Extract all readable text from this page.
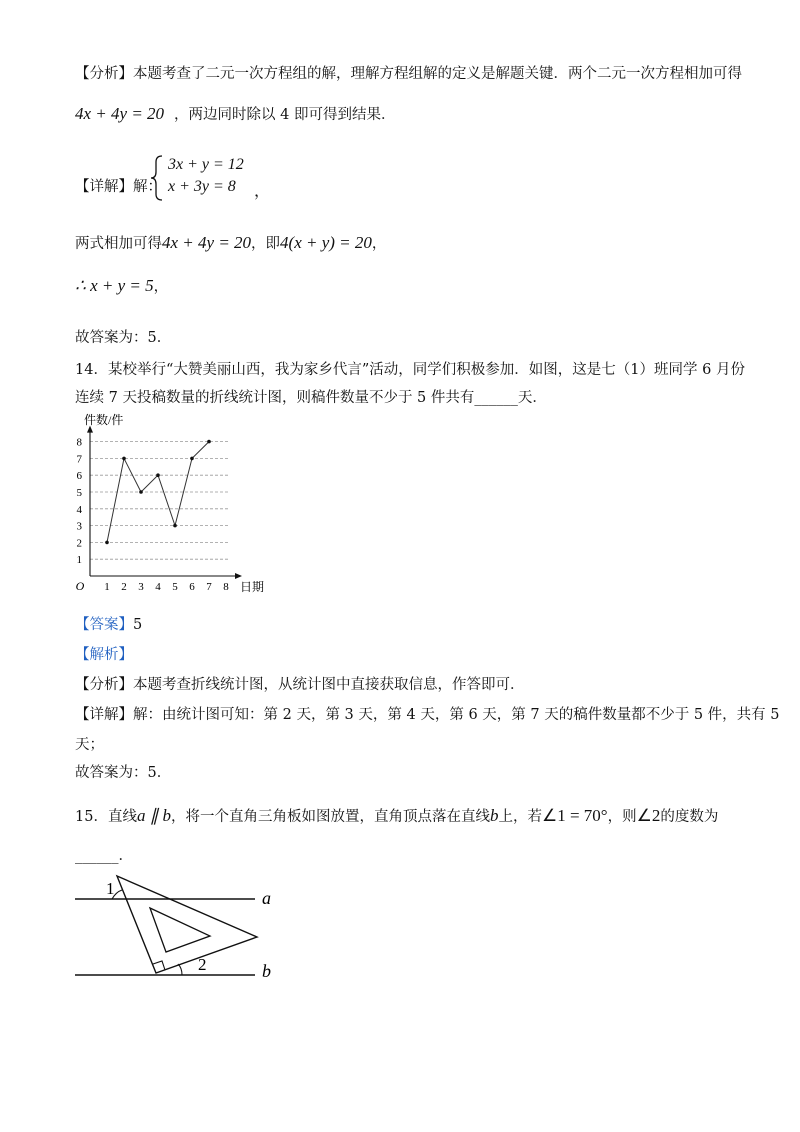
【分析】本题考查了二元一次方程组的解，理解方程组解的定义是解题关键．两个二元一次方程相加可得
4x + 4y = 20 ，两边同时除以 4 即可得到结果．
【详解】解：
3x + y = 12
x + 3y = 8 ，
两式相加可得4x + 4y = 20，即4(x + y) = 20，
∴ x + y = 5，
故答案为：5．
14．某校举行“大赞美丽山西，我为家乡代言”活动，同学们积极参加．如图，这是七（1）班同学 6 月份
连续 7 天投稿数量的折线统计图，则稿件数量不少于 5 件共有______天．
1
2
3
4
5
6
7
8
1 2 3 4 5 6 7 8
O
件数/件
日期
【答案】5
【解析】
【分析】本题考查折线统计图，从统计图中直接获取信息，作答即可．
【详解】解：由统计图可知：第 2 天，第 3 天，第 4 天，第 6 天，第 7 天的稿件数量都不少于 5 件，共有 5
天；
故答案为：5．
15．直线a ∥ b，将一个直角三角板如图放置，直角顶点落在直线b上，若∠1 = 70°，则∠2的度数为
______．
1
2
a
b
